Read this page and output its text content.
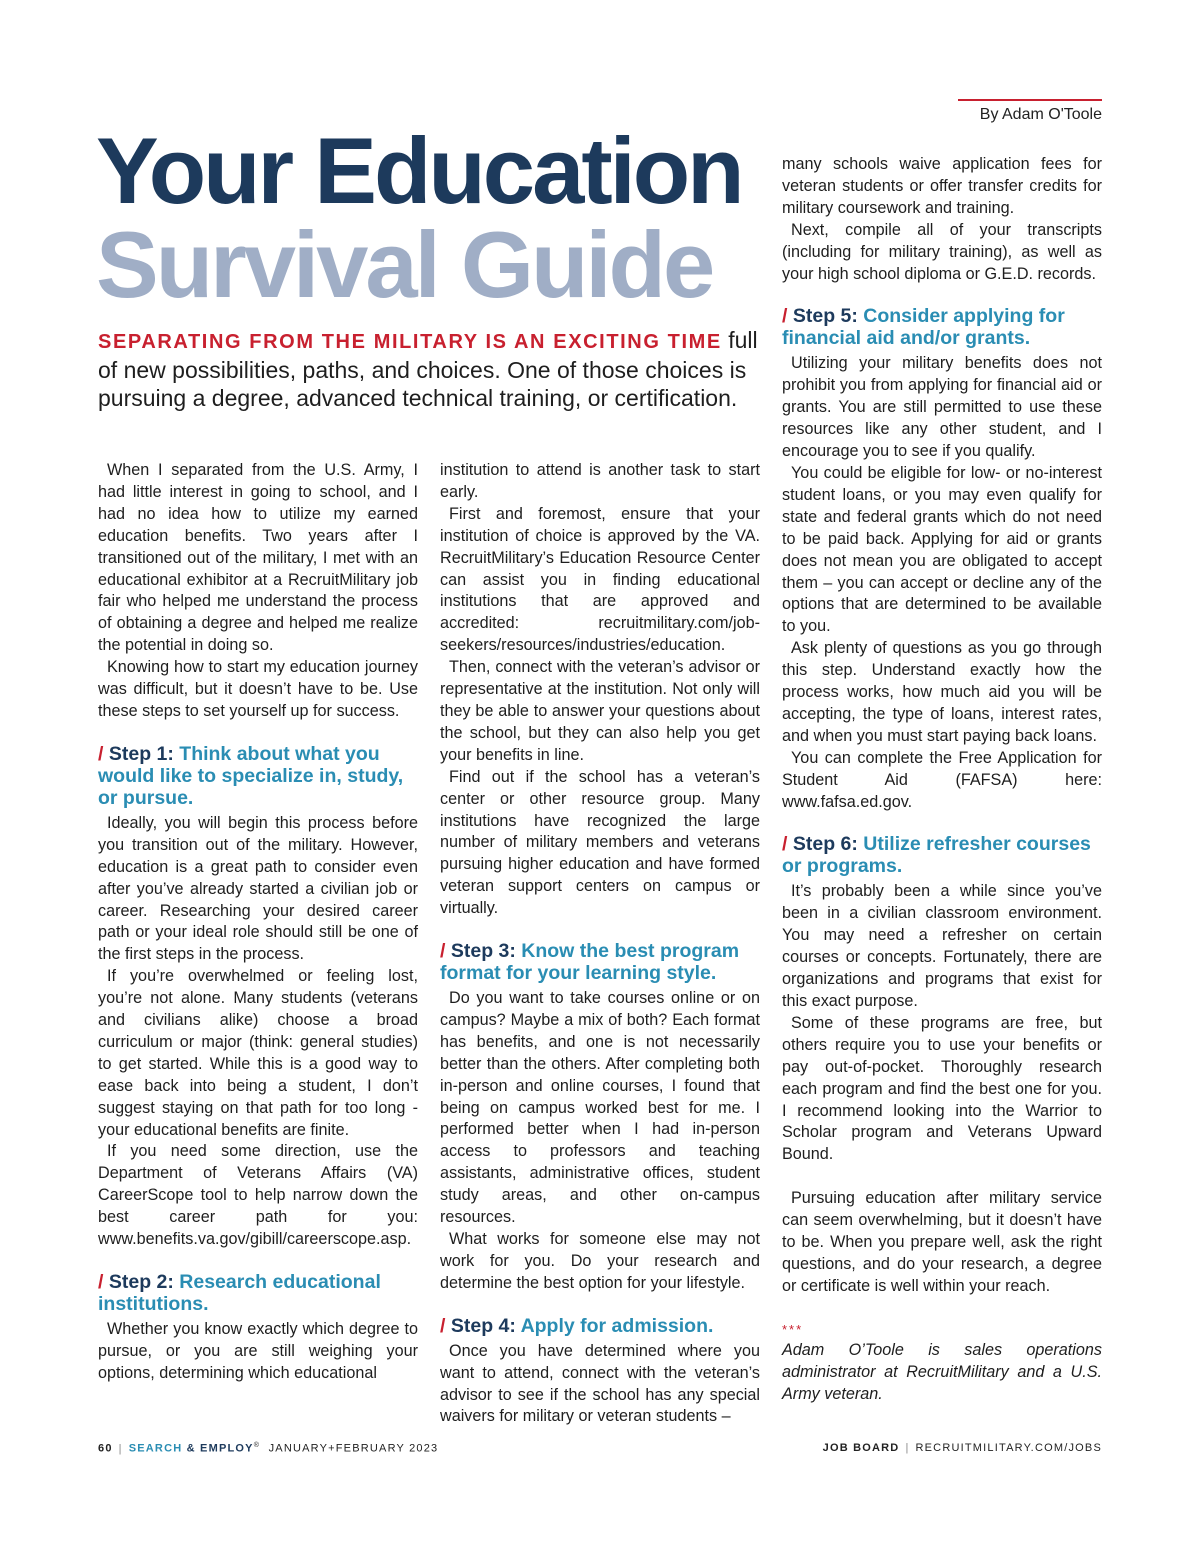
By Adam O'Toole
Your Education
Survival Guide

SEPARATING FROM THE MILITARY IS AN EXCITING TIME full of new possibilities, paths, and choices. One of those choices is pursuing a degree, advanced technical training, or certification.

When I separated from the U.S. Army, I had little interest in going to school, and I had no idea how to utilize my earned education benefits. Two years after I transitioned out of the military, I met with an educational exhibitor at a RecruitMilitary job fair who helped me understand the process of obtaining a degree and helped me realize the potential in doing so.

Knowing how to start my education journey was difficult, but it doesn’t have to be. Use these steps to set yourself up for success.

/ Step 1: Think about what you would like to specialize in, study, or pursue.

Ideally, you will begin this process before you transition out of the military. However, education is a great path to consider even after you’ve already started a civilian job or career. Researching your desired career path or your ideal role should still be one of the first steps in the process.

If you’re overwhelmed or feeling lost, you’re not alone. Many students (veterans and civilians alike) choose a broad curriculum or major (think: general studies) to get started. While this is a good way to ease back into being a student, I don’t suggest staying on that path for too long - your educational benefits are finite.

If you need some direction, use the Department of Veterans Affairs (VA) CareerScope tool to help narrow down the best career path for you: www.benefits.va.gov/gibill/careerscope.asp.

/ Step 2: Research educational institutions.

Whether you know exactly which degree to pursue, or you are still weighing your options, determining which educational

institution to attend is another task to start early.

First and foremost, ensure that your institution of choice is approved by the VA. RecruitMilitary’s Education Resource Center can assist you in finding educational institutions that are approved and accredited: recruitmilitary.com/job-seekers/resources/industries/education.

Then, connect with the veteran’s advisor or representative at the institution. Not only will they be able to answer your questions about the school, but they can also help you get your benefits in line.

Find out if the school has a veteran’s center or other resource group. Many institutions have recognized the large number of military members and veterans pursuing higher education and have formed veteran support centers on campus or virtually.

/ Step 3: Know the best program format for your learning style.

Do you want to take courses online or on campus? Maybe a mix of both? Each format has benefits, and one is not necessarily better than the others. After completing both in-person and online courses, I found that being on campus worked best for me. I performed better when I had in-person access to professors and teaching assistants, administrative offices, student study areas, and other on-campus resources.

What works for someone else may not work for you. Do your research and determine the best option for your lifestyle.

/ Step 4: Apply for admission.

Once you have determined where you want to attend, connect with the veteran’s advisor to see if the school has any special waivers for military or veteran students –

many schools waive application fees for veteran students or offer transfer credits for military coursework and training.

Next, compile all of your transcripts (including for military training), as well as your high school diploma or G.E.D. records.

/ Step 5: Consider applying for financial aid and/or grants.

Utilizing your military benefits does not prohibit you from applying for financial aid or grants. You are still permitted to use these resources like any other student, and I encourage you to see if you qualify.

You could be eligible for low- or no-interest student loans, or you may even qualify for state and federal grants which do not need to be paid back. Applying for aid or grants does not mean you are obligated to accept them – you can accept or decline any of the options that are determined to be available to you.

Ask plenty of questions as you go through this step. Understand exactly how the process works, how much aid you will be accepting, the type of loans, interest rates, and when you must start paying back loans.

You can complete the Free Application for Student Aid (FAFSA) here: www.fafsa.ed.gov.

/ Step 6: Utilize refresher courses or programs.

It’s probably been a while since you’ve been in a civilian classroom environment. You may need a refresher on certain courses or concepts. Fortunately, there are organizations and programs that exist for this exact purpose.

Some of these programs are free, but others require you to use your benefits or pay out-of-pocket. Thoroughly research each program and find the best one for you. I recommend looking into the Warrior to Scholar program and Veterans Upward Bound.

Pursuing education after military service can seem overwhelming, but it doesn’t have to be. When you prepare well, ask the right questions, and do your research, a degree or certificate is well within your reach.

***

Adam O’Toole is sales operations administrator at RecruitMilitary and a U.S. Army veteran.

60 | SEARCH & EMPLOY® JANUARY+FEBRUARY 2023	JOB BOARD | RECRUITMILITARY.COM/JOBS
